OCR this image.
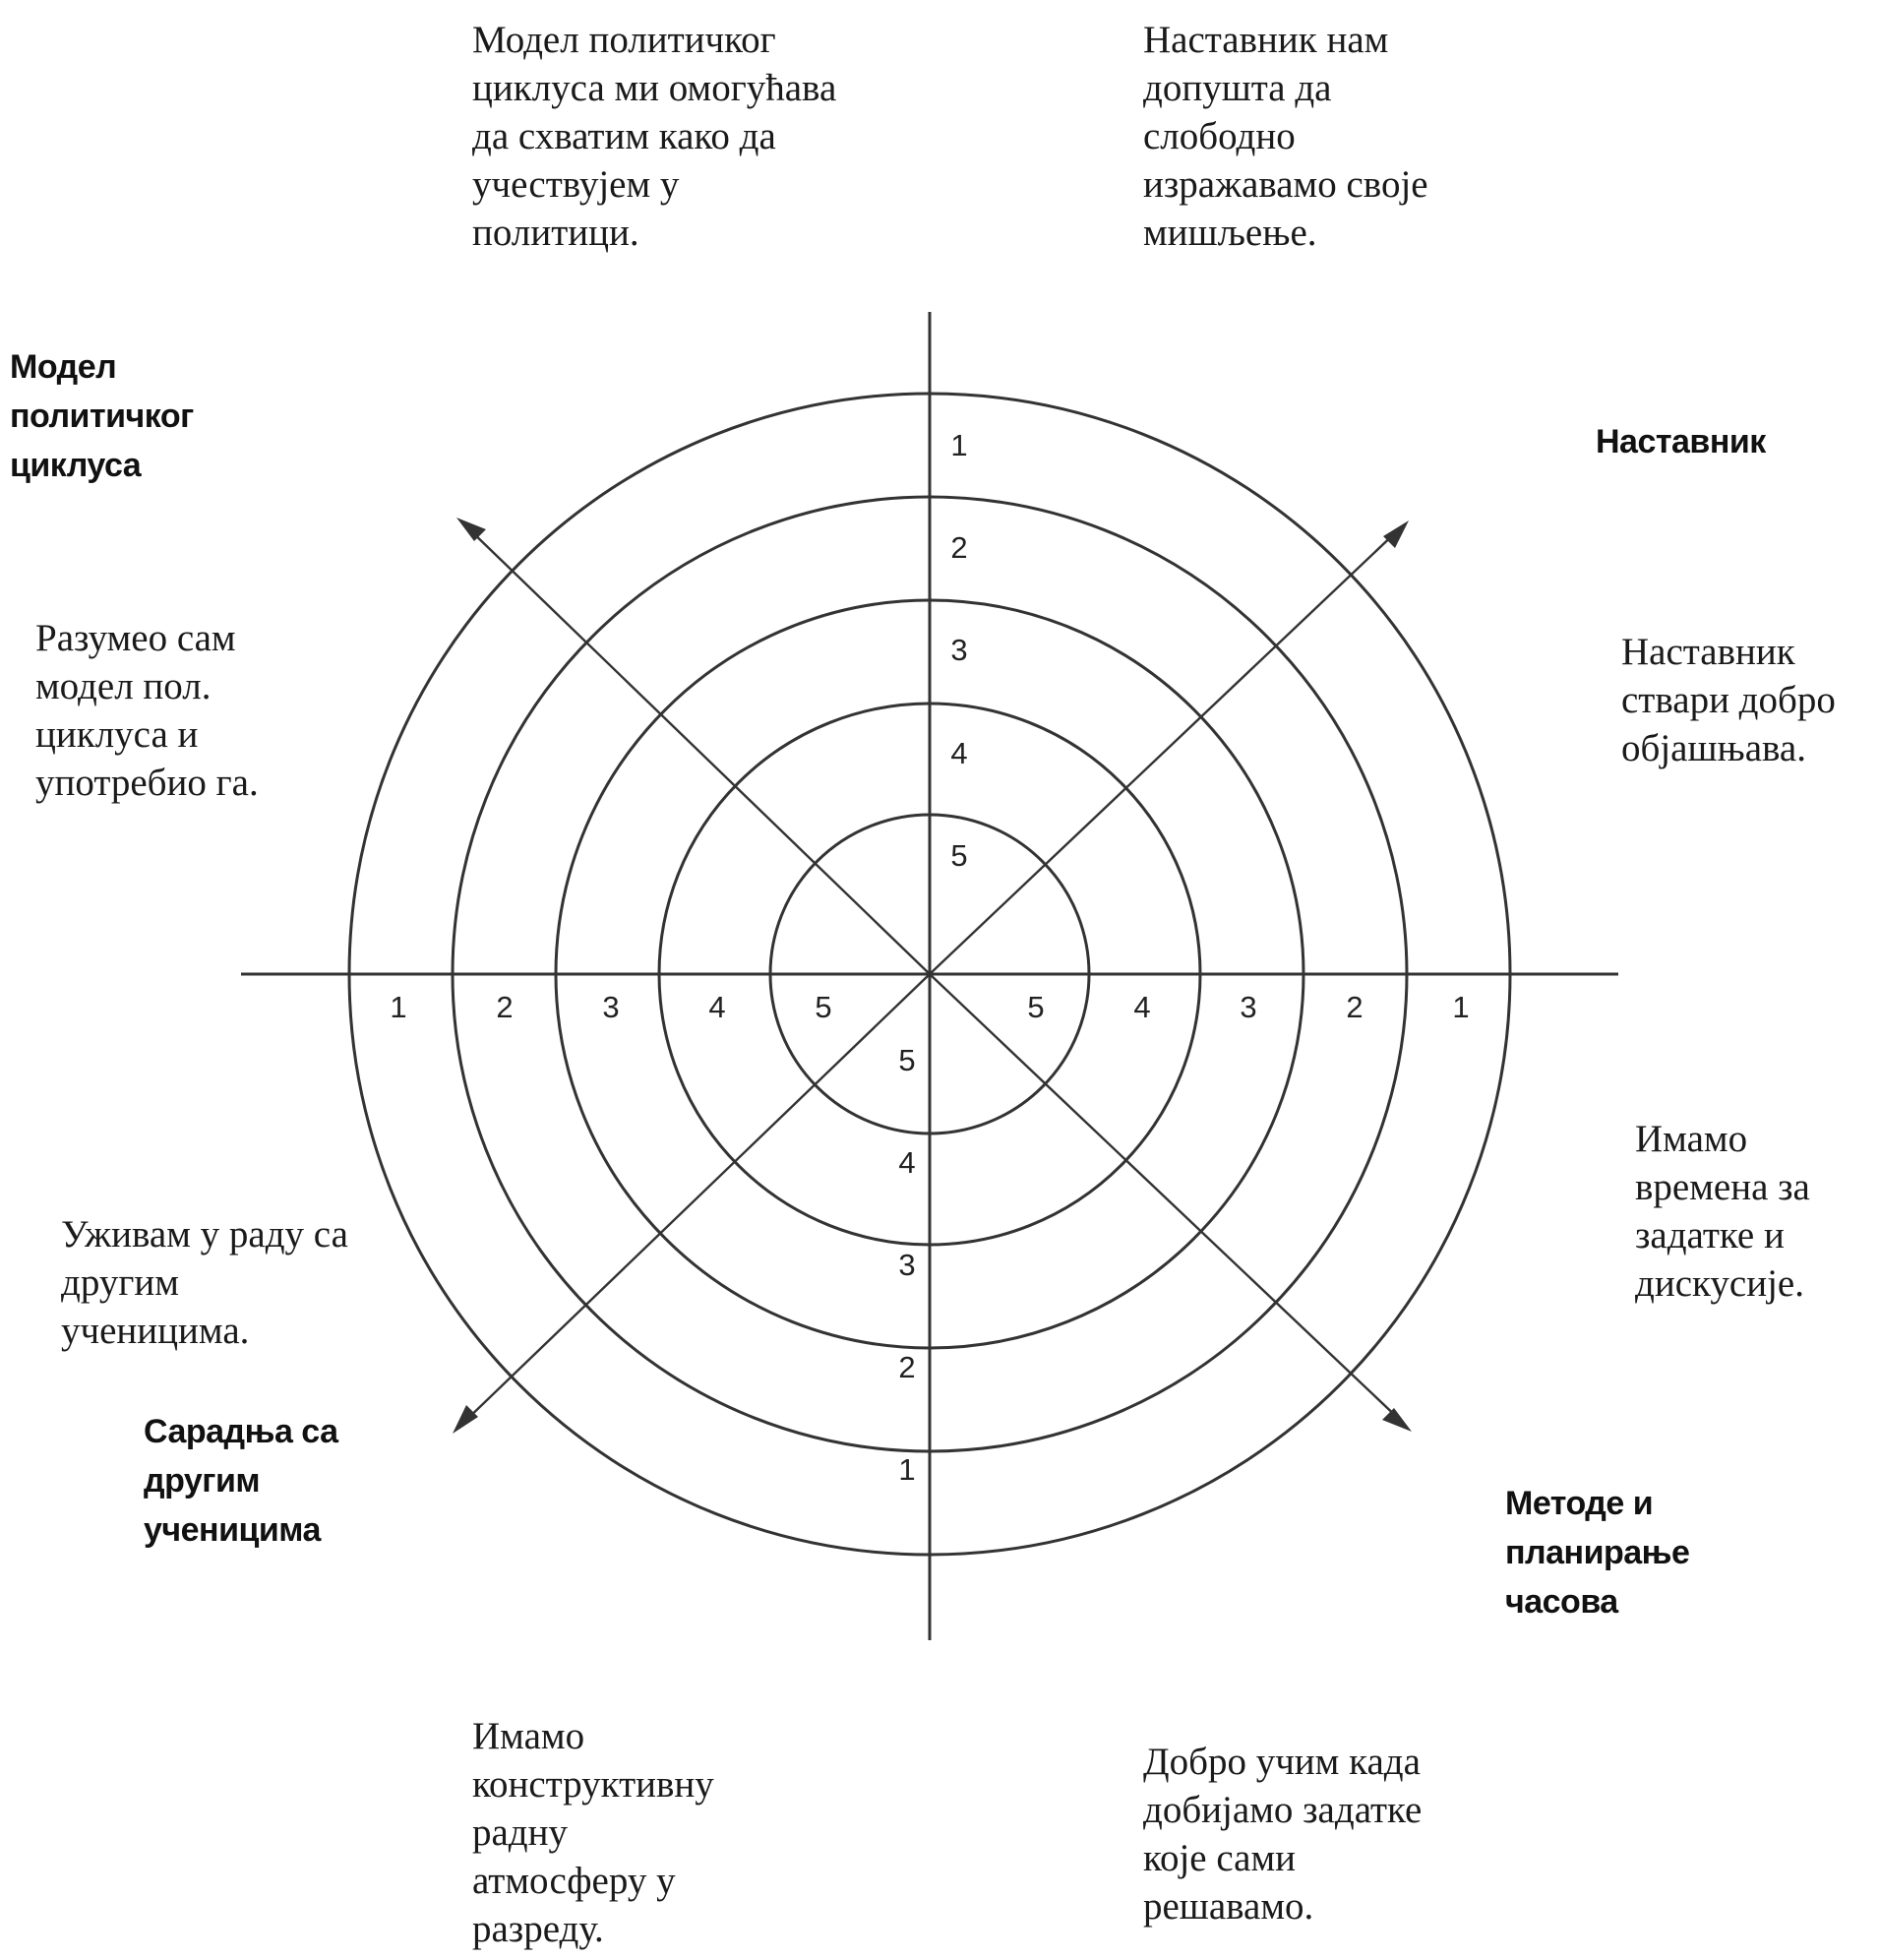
1
2
3
4
5
1	2	3	4	5	5	4	3	2	1
5
4
3
2
1
Модел
политичког
циклуса
Наставник
Сарадња са
другим
ученицима
Методе и
планирање
часова
Модел политичког
циклуса ми омогућава
да схватим како да
учествујем у
политици.
Наставник нам
допушта да
слободно
изражавамо своје
мишљење.
Разумео сам
модел пол.
циклуса и
употребио га.
Наставник
ствари добро
објашњава.
Уживам у раду са
другим
ученицима.
Имамо
времена за
задатке и
дискусије.
Имамо
конструктивну
радну
атмосферу у
разреду.
Добро учим када
добијамо задатке
које сами
решавамо.
